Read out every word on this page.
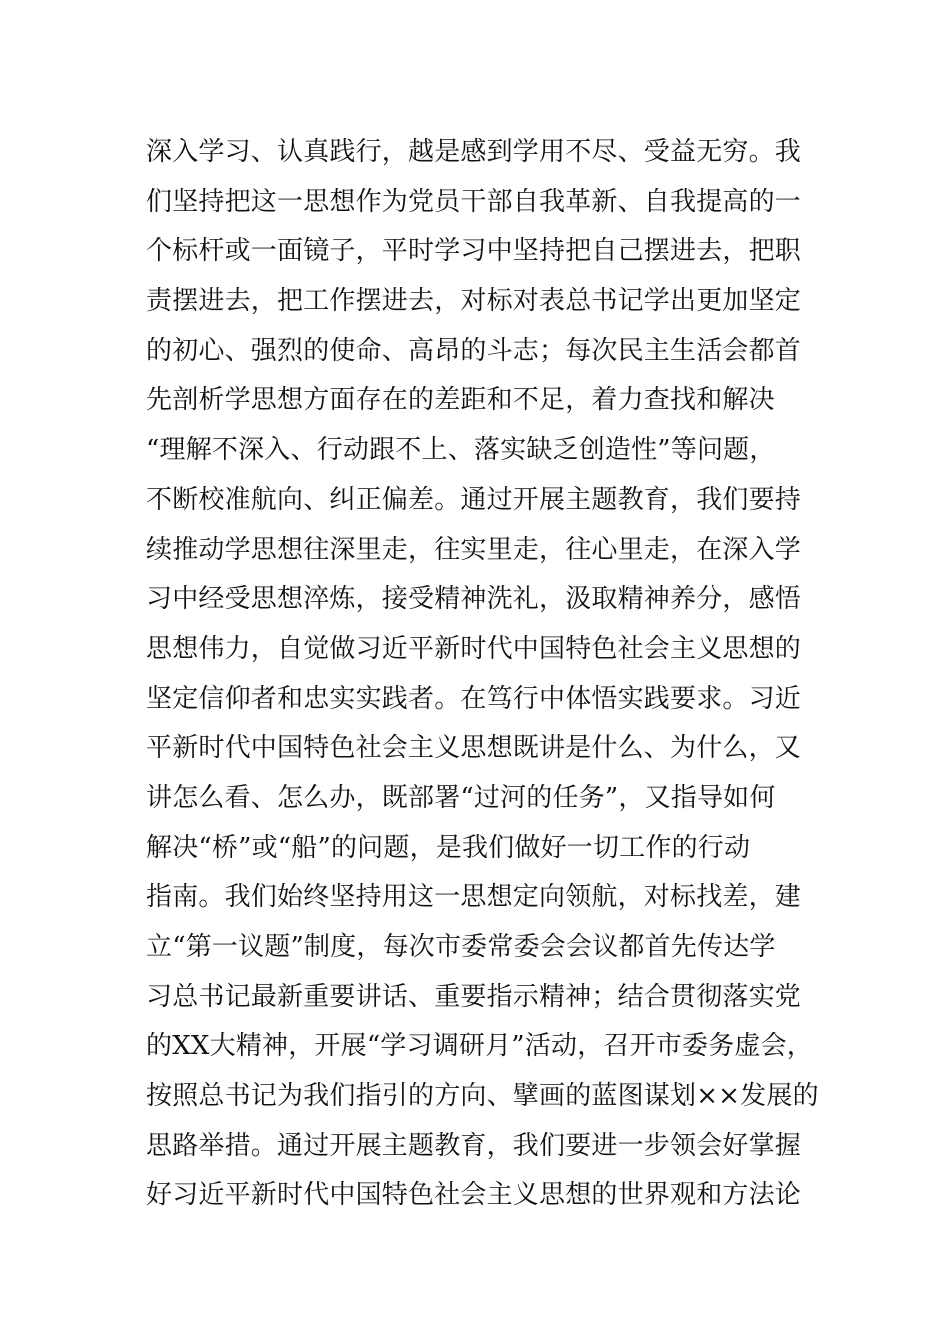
深入学习、认真践行，越是感到学用不尽、受益无穷。我
们坚持把这一思想作为党员干部自我革新、自我提高的一
个标杆或一面镜子，平时学习中坚持把自己摆进去，把职
责摆进去，把工作摆进去，对标对表总书记学出更加坚定
的初心、强烈的使命、高昂的斗志；每次民主生活会都首
先剖析学思想方面存在的差距和不足，着力查找和解决
“理解不深入、行动跟不上、落实缺乏创造性”等问题，
不断校准航向、纠正偏差。通过开展主题教育，我们要持
续推动学思想往深里走，往实里走，往心里走，在深入学
习中经受思想淬炼，接受精神洗礼，汲取精神养分，感悟
思想伟力，自觉做习近平新时代中国特色社会主义思想的
坚定信仰者和忠实实践者。在笃行中体悟实践要求。习近
平新时代中国特色社会主义思想既讲是什么、为什么，又
讲怎么看、怎么办，既部署“过河的任务”，又指导如何
解决“桥”或“船”的问题，是我们做好一切工作的行动
指南。我们始终坚持用这一思想定向领航，对标找差，建
立“第一议题”制度，每次市委常委会会议都首先传达学
习总书记最新重要讲话、重要指示精神；结合贯彻落实党
的XX大精神，开展“学习调研月”活动，召开市委务虚会，
按照总书记为我们指引的方向、擘画的蓝图谋划××发展的
思路举措。通过开展主题教育，我们要进一步领会好掌握
好习近平新时代中国特色社会主义思想的世界观和方法论
